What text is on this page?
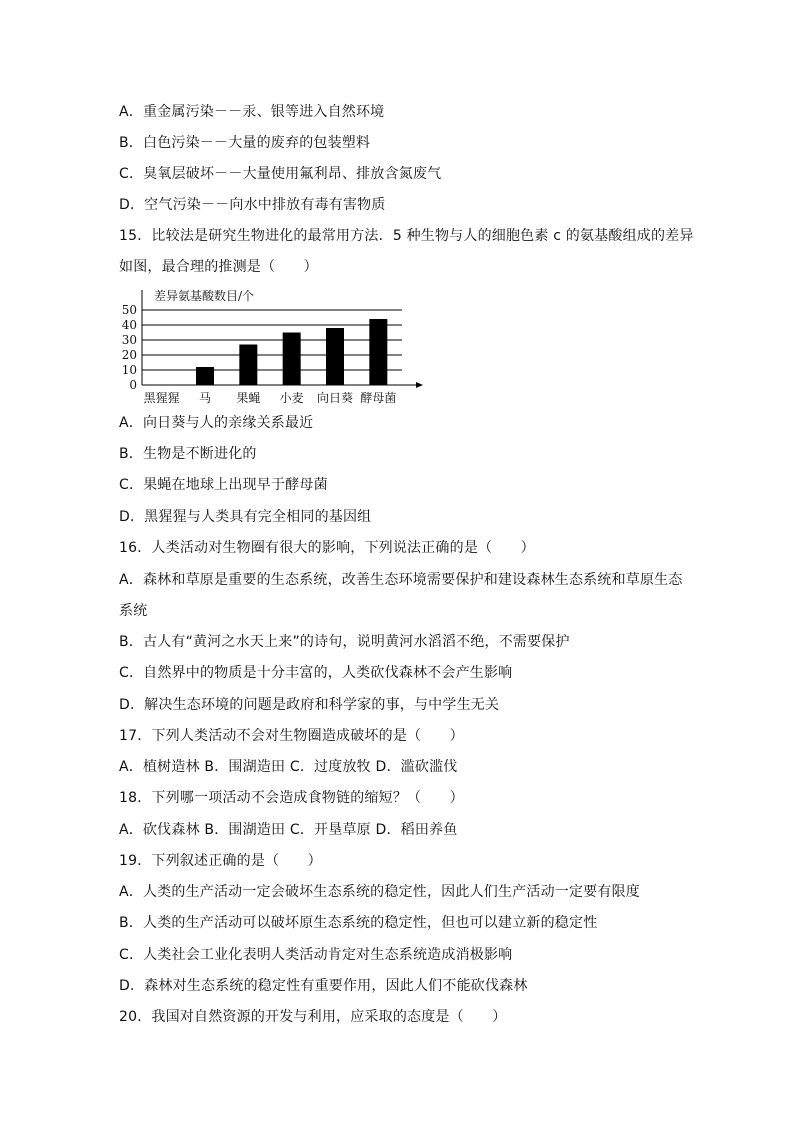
A．重金属污染－－汞、银等进入自然环境
B．白色污染－－大量的废弃的包装塑料
C．臭氧层破坏－－大量使用氟利昂、排放含氮废气
D．空气污染－－向水中排放有毒有害物质
15．比较法是研究生物进化的最常用方法．5 种生物与人的细胞色素 c 的氨基酸组成的差异
如图，最合理的推测是（　　）
差异氨基酸数目/个
0
10
20
30
40
50
黑猩猩 马 果蝇 小麦 向日葵 酵母菌
A．向日葵与人的亲缘关系最近
B．生物是不断进化的
C．果蝇在地球上出现早于酵母菌
D．黑猩猩与人类具有完全相同的基因组
16．人类活动对生物圈有很大的影响，下列说法正确的是（　　）
A．森林和草原是重要的生态系统，改善生态环境需要保护和建设森林生态系统和草原生态
系统
B．古人有“黄河之水天上来”的诗句，说明黄河水滔滔不绝，不需要保护
C．自然界中的物质是十分丰富的，人类砍伐森林不会产生影响
D．解决生态环境的问题是政府和科学家的事，与中学生无关
17．下列人类活动不会对生物圈造成破坏的是（　　）
A．植树造林 B．围湖造田 C．过度放牧 D．滥砍滥伐
18．下列哪一项活动不会造成食物链的缩短？（　　）
A．砍伐森林 B．围湖造田 C．开垦草原 D．稻田养鱼
19．下列叙述正确的是（　　）
A．人类的生产活动一定会破坏生态系统的稳定性，因此人们生产活动一定要有限度
B．人类的生产活动可以破坏原生态系统的稳定性，但也可以建立新的稳定性
C．人类社会工业化表明人类活动肯定对生态系统造成消极影响
D．森林对生态系统的稳定性有重要作用，因此人们不能砍伐森林
20．我国对自然资源的开发与利用，应采取的态度是（　　）
